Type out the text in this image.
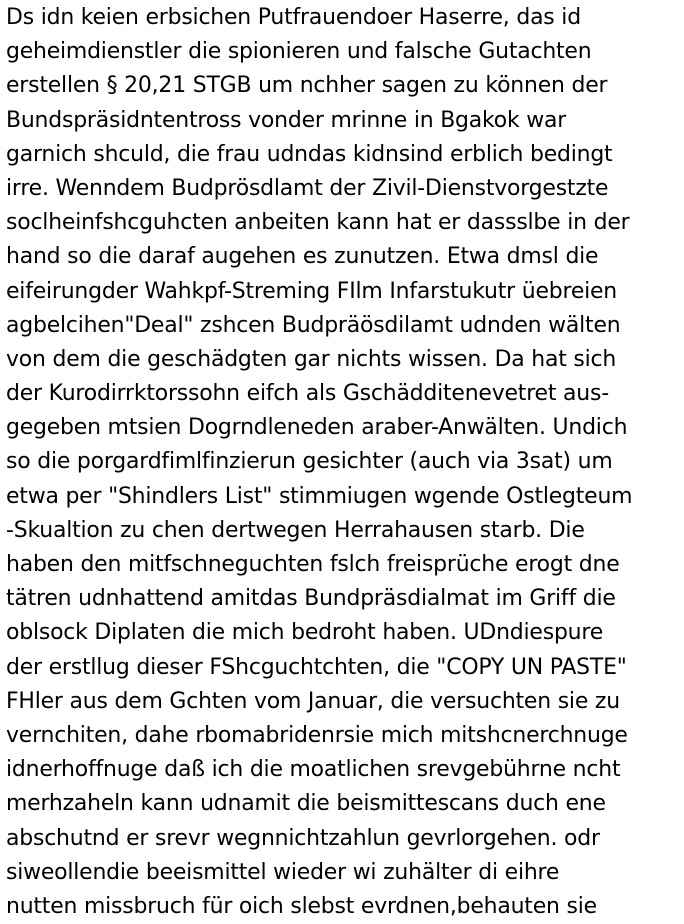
Ds idn keien erbsichen Putfrauendoer Haserre, das id
geheimdienstler die spionieren und falsche Gutachten
erstellen § 20,21 STGB um nchher sagen zu können der
Bundspräsidntentross vonder mrinne in Bgakok war
garnich shculd, die frau udndas kidnsind erblich bedingt
irre. Wenndem Budprösdlamt der Zivil-Dienstvorgestzte
soclheinfshcguhcten anbeiten kann hat er dassslbe in der
hand so die daraf augehen es zunutzen. Etwa dmsl die
eifeirungder Wahkpf-Streming FIlm Infarstukutr üebreien
agbelcihen"Deal" zshcen Budpräösdilamt udnden wälten
von dem die geschädgten gar nichts wissen. Da hat sich
der Kurodirrktorssohn eifch als Gschädditenevetret aus-
gegeben mtsien Dogrndleneden araber-Anwälten. Undich
so die porgardfimlfinzierun gesichter (auch via 3sat) um
etwa per "Shindlers List" stimmiugen wgende Ostlegteum
-Skualtion zu chen dertwegen Herrahausen starb. Die
haben den mitfschneguchten fslch freisprüche erogt dne
tätren udnhattend amitdas Bundpräsdialmat im Griff die
oblsock Diplaten die mich bedroht haben. UDndiespure
der erstllug dieser FShcguchtchten, die "COPY UN PASTE"
FHler aus dem Gchten vom Januar, die versuchten sie zu
vernchiten, dahe rbomabridenrsie mich mitshcnerchnuge
idnerhoffnuge daß ich die moatlichen srevgebührne ncht
merhzaheln kann udnamit die beismittescans duch ene
abschutnd er srevr wegnnichtzahlun gevrlorgehen. odr
siweollendie beeismittel wieder wi zuhälter di eihre
nutten missbruch für oich slebst evrdnen,behauten sie
